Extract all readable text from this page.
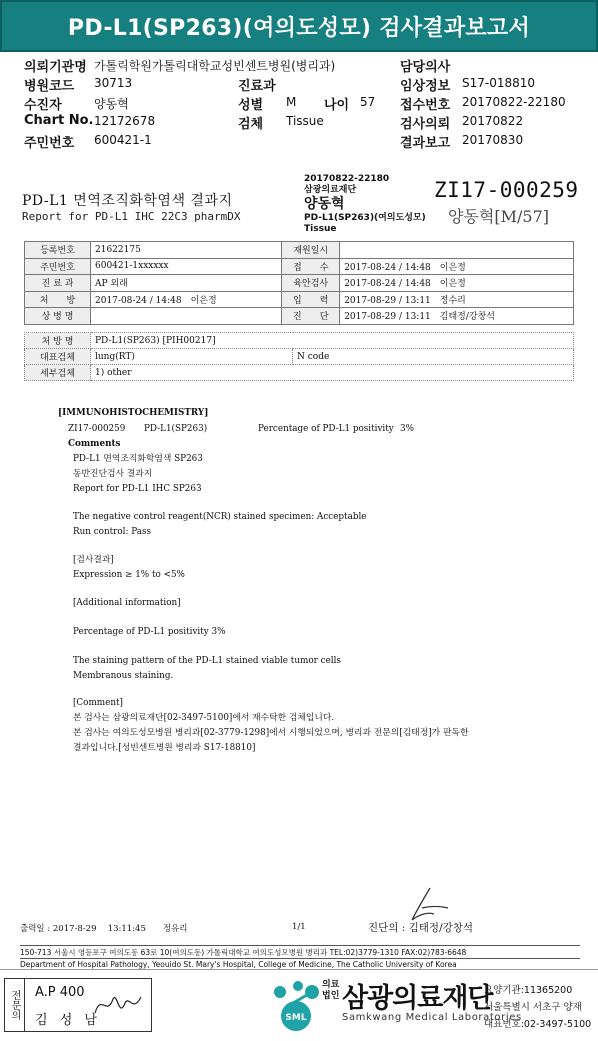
PD-L1(SP263)(여의도성모) 검사결과보고서
의뢰기관명 가톨릭학원가톨릭대학교성빈센트병원(병리과)	담당의사
병원코드 30713	진료과	임상정보 S17-018810
수진자	양동혁	성별 M 나이 57 접수번호 20170822-22180
Chart No. 12172678	검체 Tissue	검사의뢰 20170822
주민번호 600421-1	결과보고 20170830
PD-L1 면역조직화학염색 결과지
Report for PD-L1 IHC 22C3 pharmDX
20170822-22180
삼광의료재단
양동혁
PD-L1(SP263)(여의도성모)
Tissue
ZI17-000259
양동혁[M/57]
등록번호	21622175	재원일시	
주민번호	600421-1xxxxxx	접　　수	2017-08-24 / 14:48　이은정
진 료 과	AP 외래	육안검사	2017-08-24 / 14:48　이은정
처　　방	2017-08-24 / 14:48　이은정	입　　력	2017-08-29 / 13:11　정수리
상 병 명		진　　단	2017-08-29 / 13:11　김태정/강창석
처 방 명	PD-L1(SP263) [PIH00217]	
대표검체	lung(RT)	N code
세부검체	1) other	
[IMMUNOHISTOCHEMISTRY]
ZI17-000259 PD-L1(SP263)	Percentage of PD-L1 positivity 3%
Comments
PD-L1 면역조직화학염색 SP263
동반진단검사 결과지
Report for PD-L1 IHC SP263
The negative control reagent(NCR) stained specimen: Acceptable
Run control: Pass
[검사결과]
Expression ≥ 1% to <5%
[Additional information]
Percentage of PD-L1 positivity 3%
The staining pattern of the PD-L1 stained viable tumor cells
Membranous staining.
[Comment]
본 검사는 삼광의료재단[02-3497-5100]에서 재수탁한 검체입니다.
본 검사는 여의도성모병원 병리과[02-3779-1298]에서 시행되었으며, 병리과 전문의[김태정]가 판독한
결과입니다.[성빈센트병원 병리과 S17-18810]
출력일 : 2017-8-29　 13:11:45　　정유리	1/1	진단의 : 김태정/강창석
150-713 서울시 영등포구 여의도동 63로 10(여의도동) 가톨릭대학교 여의도성모병원 병리과 TEL:02)3779-1310 FAX:02)783-6648
Department of Hospital Pathology, Yeouido St. Mary's Hospital, College of Medicine, The Catholic University of Korea
전문의	A.P 400
김 성 남	SML
의료법인 삼광의료재단
Samkwang Medical Laboratories
요양기관:11365200
서울특별시 서초구 양재
대표번호:02-3497-5100
